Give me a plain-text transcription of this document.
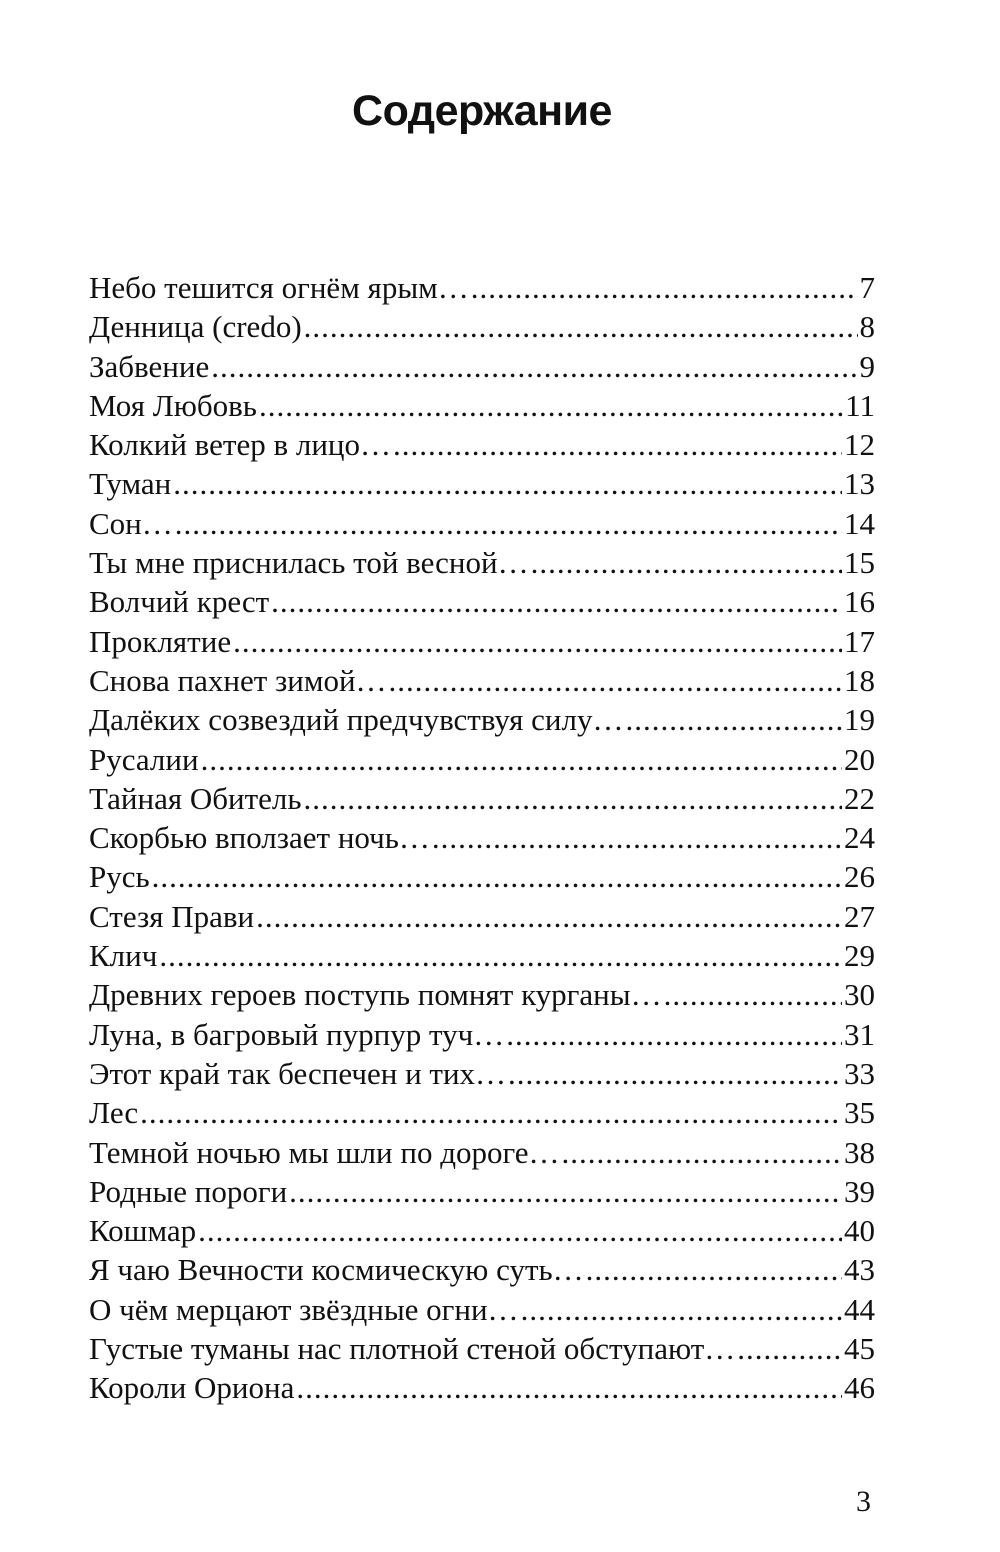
Содержание
Небо тешится огнём ярым… .....	7
Денница (credo) .....	8
Забвение .....	9
Моя Любовь .....	11
Колкий ветер в лицо… .....	12
Туман .....	13
Сон… .....	14
Ты мне приснилась той весной… .....	15
Волчий крест .....	16
Проклятие .....	17
Снова пахнет зимой… .....	18
Далёких созвездий предчувствуя силу… .....	19
Русалии .....	20
Тайная Обитель .....	22
Скорбью вползает ночь… .....	24
Русь .....	26
Стезя Прави .....	27
Клич .....	29
Древних героев поступь помнят курганы… .....	30
Луна, в багровый пурпур туч… .....	31
Этот край так беспечен и тих… .....	33
Лес .....	35
Темной ночью мы шли по дороге… .....	38
Родные пороги .....	39
Кошмар .....	40
Я чаю Вечности космическую суть… .....	43
О чём мерцают звёздные огни… .....	44
Густые туманы нас плотной стеной обступают… .....	45
Короли Ориона .....	46
3
